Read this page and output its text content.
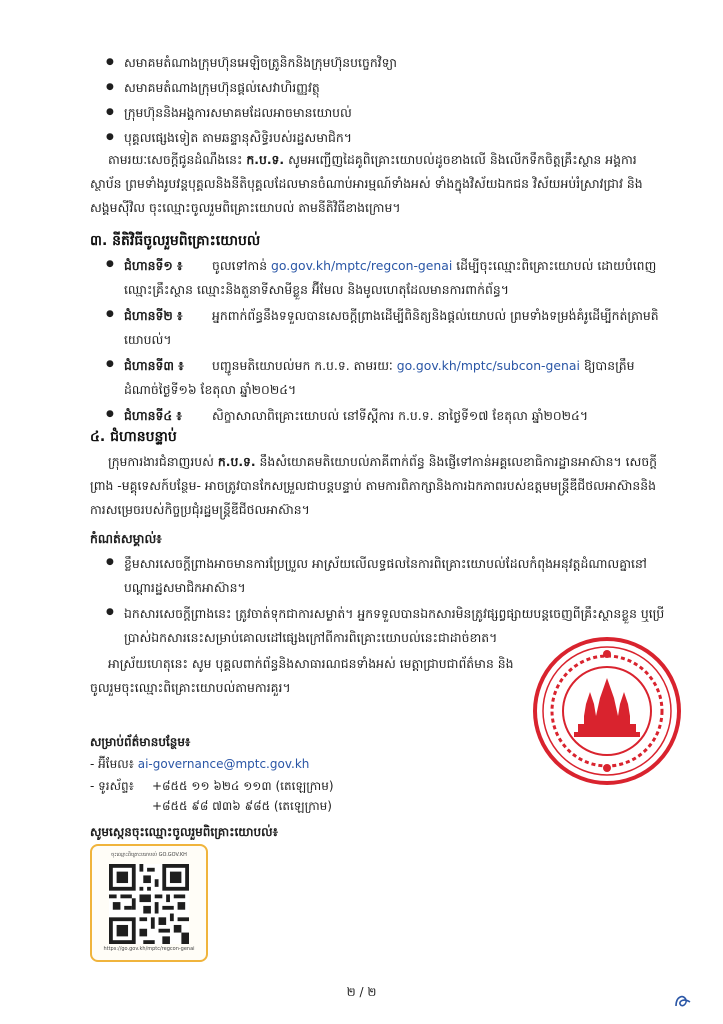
● សមាគមតំណាងក្រុមហ៊ុនអេឡិចត្រូនិកនិងក្រុមហ៊ុនបច្ចេកវិទ្យា
● សមាគមតំណាងក្រុមហ៊ុនផ្តល់សេវាហិរញ្ញវត្ថុ
● ក្រុមហ៊ុននិងអង្គការសមាគមដែលអាចមានយោបល់
● បុគ្គលផ្សេងទៀត តាមឆន្ទានុសិទ្ធិរបស់រដ្ឋសមាជិក។

តាមរយៈសេចក្តីជូនដំណឹងនេះ ក.ប.ទ. សូមអញ្ជើញដៃគូពិគ្រោះយោបល់ដូចខាងលើ និងលើកទឹកចិត្តគ្រឹះស្ថាន អង្គការ ស្ថាប័ន ព្រមទាំងរូបវន្តបុគ្គលនិងនីតិបុគ្គលដែលមានចំណាប់អារម្មណ៍ទាំងអស់ ទាំងក្នុងវិស័យឯកជន វិស័យអប់រំស្រាវជ្រាវ និងសង្គមស៊ីវិល ចុះឈ្មោះចូលរួមពិគ្រោះយោបល់ តាមនីតិវិធីខាងក្រោម។

៣. នីតិវិធីចូលរួមពិគ្រោះយោបល់
● ជំហានទី១ ៖ ចូលទៅកាន់ go.gov.kh/mptc/regcon-genai ដើម្បីចុះឈ្មោះពិគ្រោះយោបល់ ដោយបំពេញឈ្មោះគ្រឹះស្ថាន ឈ្មោះនិងតួនាទីសាមីខ្លួន អ៊ីមែល និងមូលហេតុដែលមានការពាក់ព័ន្ធ។
● ជំហានទី២ ៖ អ្នកពាក់ព័ន្ធនឹងទទួលបានសេចក្តីព្រាងដើម្បីពិនិត្យនិងផ្តល់យោបល់ ព្រមទាំងទម្រង់គំរូដើម្បីកត់ត្រាមតិយោបល់។
● ជំហានទី៣ ៖ បញ្ជូនមតិយោបល់មក ក.ប.ទ. តាមរយៈ go.gov.kh/mptc/subcon-genai ឱ្យបានត្រឹមដំណាច់ថ្ងៃទី១៦ ខែតុលា ឆ្នាំ២០២៤។
● ជំហានទី៤ ៖ សិក្ខាសាលាពិគ្រោះយោបល់ នៅទីស្តីការ ក.ប.ទ. នាថ្ងៃទី១៧ ខែតុលា ឆ្នាំ២០២៤។
៤. ជំហានបន្ទាប់

ក្រុមការងារជំនាញរបស់ ក.ប.ទ. នឹងសំយោគមតិយោបល់ភាគីពាក់ព័ន្ធ និងផ្ញើទៅកាន់អគ្គលេខាធិការដ្ឋានអាស៊ាន។ សេចក្តីព្រាង -មគ្គុទេសក៍បន្ថែម- អាចត្រូវបានកែសម្រួលជាបន្តបន្ទាប់ តាមការពិភាក្សានិងការឯកភាពរបស់ឧត្តមមន្ត្រីឌីជីថលអាស៊ាននិងការសម្រេចរបស់កិច្ចប្រជុំរដ្ឋមន្ត្រីឌីជីថលអាស៊ាន។

កំណត់សម្គាល់៖
● ខ្លឹមសារសេចក្តីព្រាងអាចមានការប្រែប្រួល អាស្រ័យលើលទ្ធផលនៃការពិគ្រោះយោបល់ដែលកំពុងអនុវត្តដំណាលគ្នានៅបណ្តារដ្ឋសមាជិកអាស៊ាន។
● ឯកសារសេចក្តីព្រាងនេះ ត្រូវចាត់ទុកជាការសម្ងាត់។ អ្នកទទួលបានឯកសារមិនត្រូវផ្សព្វផ្សាយបន្តចេញពីគ្រឹះស្ថានខ្លួន ឬប្រើប្រាស់ឯកសារនេះសម្រាប់គោលដៅផ្សេងក្រៅពីការពិគ្រោះយោបល់នេះជាដាច់ខាត។

អាស្រ័យហេតុនេះ សូម បុគ្គលពាក់ព័ន្ធនិងសាធារណជនទាំងអស់ មេត្តាជ្រាបជាព័ត៌មាន និងចូលរួមចុះឈ្មោះពិគ្រោះយោបល់តាមការគួរ។

សម្រាប់ព័ត៌មានបន្ថែម៖
- អ៊ីមែល៖ ai-governance@mptc.gov.kh
- ទូរស័ព្ទ៖ +៨៥៥ ១១ ៦២៤ ១១៣ (តេឡេក្រាម)
+៨៥៥ ៩៨ ៧៣៦ ៩៨៥ (តេឡេក្រាម)
សូមស្កេនចុះឈ្មោះចូលរួមពិគ្រោះយោបល់៖
ចុះឈ្មោះពិគ្រោះយោបល់ GO.GOV.KH
https://go.gov.kh/mptc/regcon-genai
២ / ២
